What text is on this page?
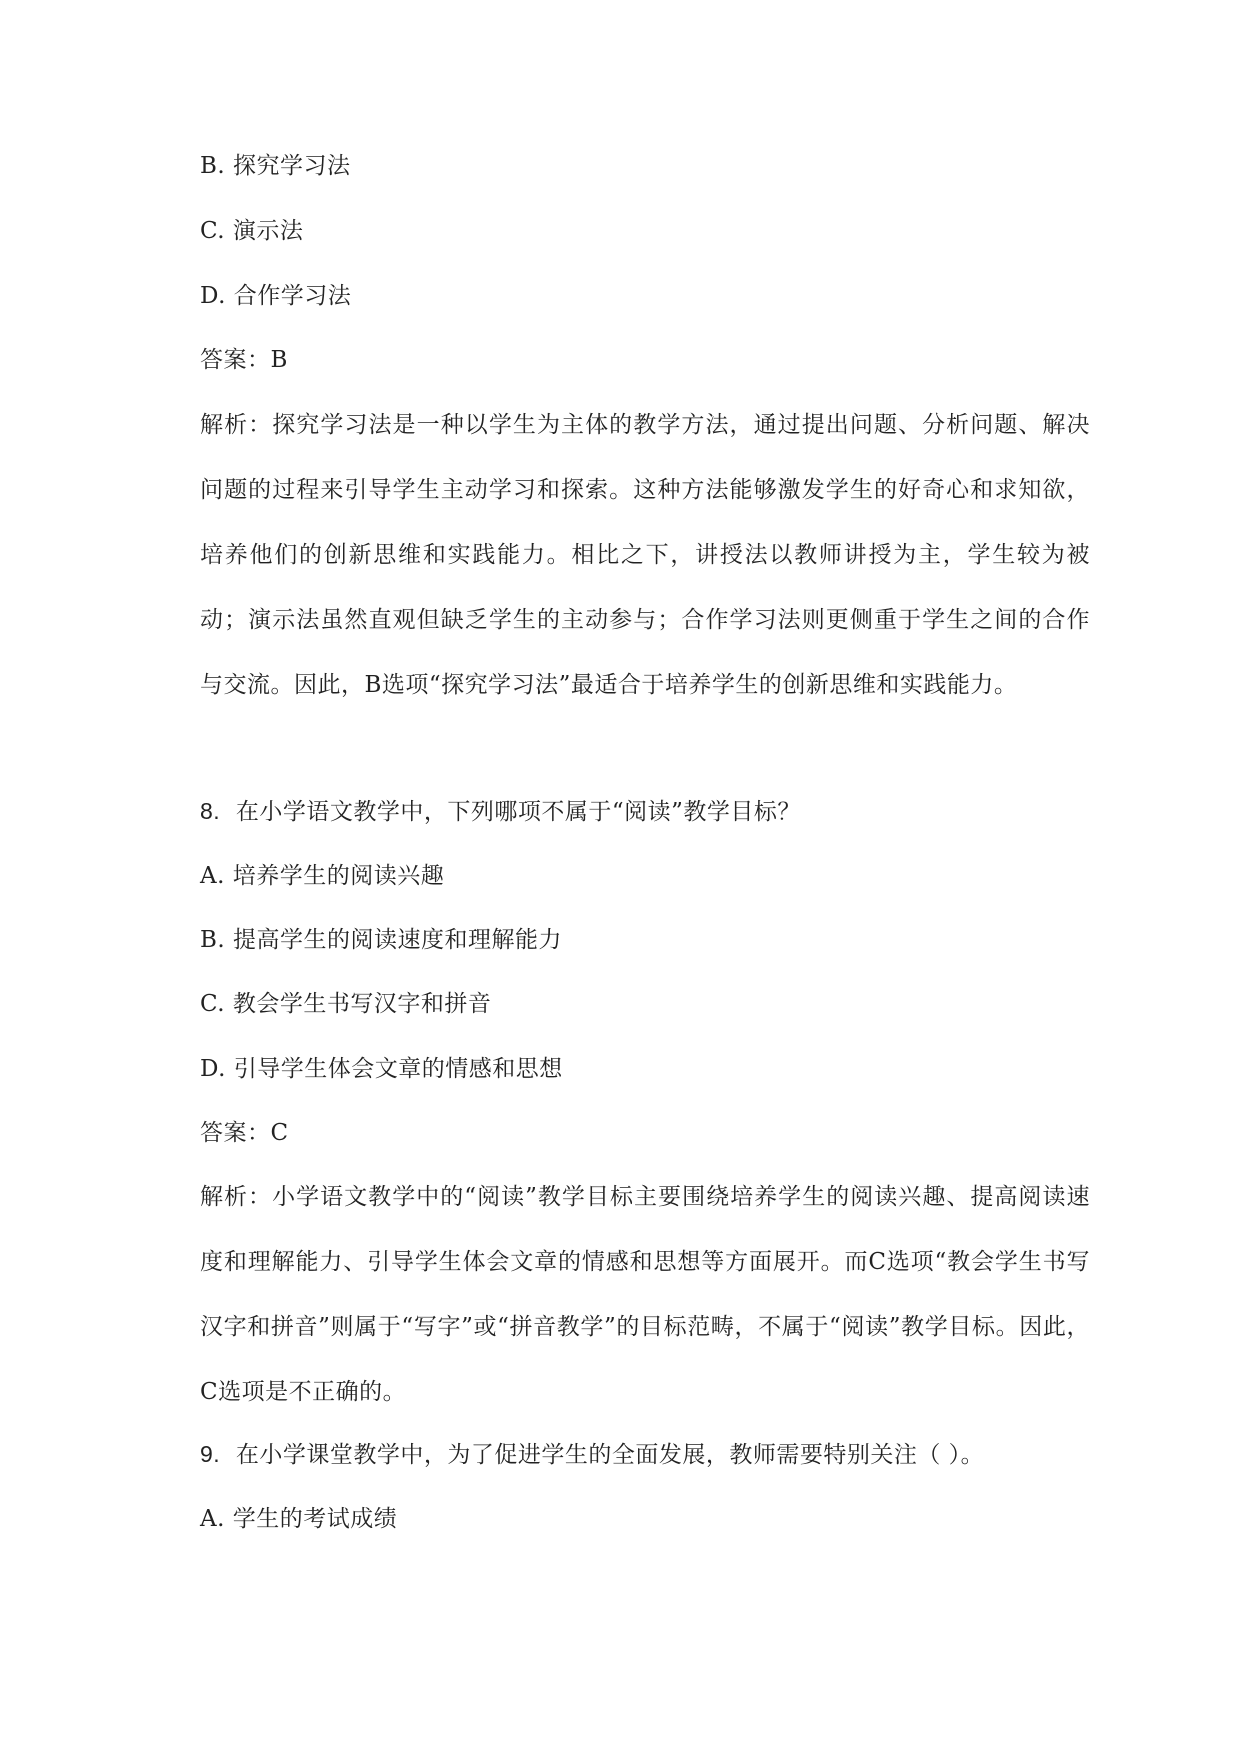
B. 探究学习法
C. 演示法
D. 合作学习法
答案：B
解析：探究学习法是一种以学生为主体的教学方法，通过提出问题、分析问题、解决问题的过程来引导学生主动学习和探索。这种方法能够激发学生的好奇心和求知欲，培养他们的创新思维和实践能力。相比之下，讲授法以教师讲授为主，学生较为被动；演示法虽然直观但缺乏学生的主动参与；合作学习法则更侧重于学生之间的合作与交流。因此，B选项“探究学习法”最适合于培养学生的创新思维和实践能力。
8. 在小学语文教学中，下列哪项不属于“阅读”教学目标？
A. 培养学生的阅读兴趣
B. 提高学生的阅读速度和理解能力
C. 教会学生书写汉字和拼音
D. 引导学生体会文章的情感和思想
答案：C
解析：小学语文教学中的“阅读”教学目标主要围绕培养学生的阅读兴趣、提高阅读速度和理解能力、引导学生体会文章的情感和思想等方面展开。而C选项“教会学生书写汉字和拼音”则属于“写字”或“拼音教学”的目标范畴，不属于“阅读”教学目标。因此，C选项是不正确的。
9. 在小学课堂教学中，为了促进学生的全面发展，教师需要特别关注（ ）。
A. 学生的考试成绩
